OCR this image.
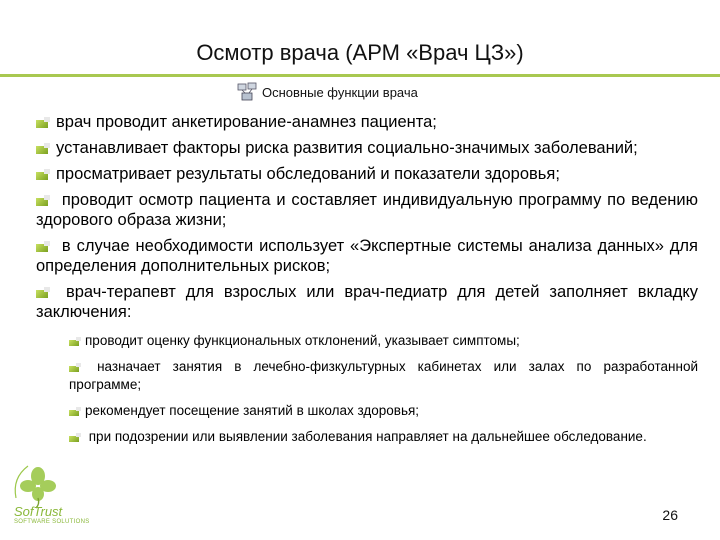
Осмотр врача (АРМ «Врач ЦЗ»)
Основные функции врача
врач проводит анкетирование-анамнез пациента;
устанавливает факторы риска развития социально-значимых заболеваний;
просматривает результаты обследований и показатели здоровья;
проводит осмотр пациента и составляет индивидуальную программу по ведению здорового образа жизни;
в случае необходимости использует «Экспертные системы анализа данных» для определения дополнительных рисков;
врач-терапевт для взрослых или врач-педиатр для детей заполняет вкладку заключения:
проводит оценку функциональных отклонений, указывает симптомы;
назначает занятия в лечебно-физкультурных кабинетах или залах по разработанной программе;
рекомендует посещение занятий в школах здоровья;
при подозрении или выявлении заболевания направляет на дальнейшее обследование.
SofTrust
SOFTWARE SOLUTIONS	26
